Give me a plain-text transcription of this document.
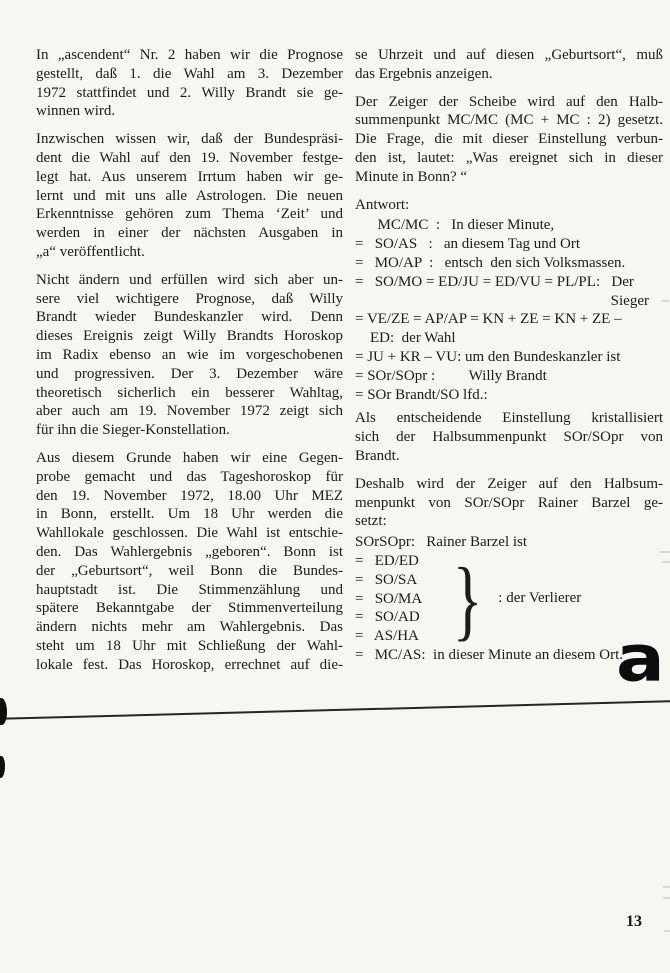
In „ascendent“ Nr. 2 haben wir die Prognose
gestellt, daß 1. die Wahl am 3. Dezember
1972 stattfindet und 2. Willy Brandt sie ge-
winnen wird.
Inzwischen wissen wir, daß der Bundespräsi-
dent die Wahl auf den 19. November festge-
legt hat. Aus unserem Irrtum haben wir ge-
lernt und mit uns alle Astrologen. Die neuen
Erkenntnisse gehören zum Thema ‘Zeit’ und
werden in einer der nächsten Ausgaben in
„a“ veröffentlicht.
Nicht ändern und erfüllen wird sich aber un-
sere viel wichtigere Prognose, daß Willy
Brandt wieder Bundeskanzler wird. Denn
dieses Ereignis zeigt Willy Brandts Horoskop
im Radix ebenso an wie im vorgeschobenen
und progressiven. Der 3. Dezember wäre
theoretisch sicherlich ein besserer Wahltag,
aber auch am 19. November 1972 zeigt sich
für ihn die Sieger-Konstellation.
Aus diesem Grunde haben wir eine Gegen-
probe gemacht und das Tageshoroskop für
den 19. November 1972, 18.00 Uhr MEZ
in Bonn, erstellt. Um 18 Uhr werden die
Wahllokale geschlossen. Die Wahl ist entschie-
den. Das Wahlergebnis „geboren“. Bonn ist
der „Geburtsort“, weil Bonn die Bundes-
hauptstadt ist. Die Stimmenzählung und
spätere Bekanntgabe der Stimmenverteilung
ändern nichts mehr am Wahlergebnis. Das
steht um 18 Uhr mit Schließung der Wahl-
lokale fest. Das Horoskop, errechnet auf die-
se Uhrzeit und auf diesen „Geburtsort“, muß
das Ergebnis anzeigen.
Der Zeiger der Scheibe wird auf den Halb-
summenpunkt MC/MC (MC + MC : 2) gesetzt.
Die Frage, die mit dieser Einstellung verbun-
den ist, lautet: „Was ereignet sich in dieser
Minute in Bonn? “
Antwort:
MC/MC  :   In dieser Minute,
=   SO/AS   :   an diesem Tag und Ort
=   MO/AP  :   entsch  den sich Volksmassen.
=   SO/MO = ED/JU = ED/VU = PL/PL:   Der
Sieger
= VE/ZE = AP/AP = KN + ZE = KN + ZE –
ED:  der Wahl
= JU + KR – VU: um den Bundeskanzler ist
= SOr/SOpr :         Willy Brandt
= SOr Brandt/SO lfd.:
Als entscheidende Einstellung kristallisiert
sich der Halbsummenpunkt SOr/SOpr von
Brandt.
Deshalb wird der Zeiger auf den Halbsum-
menpunkt von SOr/SOpr Rainer Barzel ge-
setzt:
SOrSOpr:   Rainer Barzel ist
=   ED/ED
=   SO/SA
=   SO/MA
=   SO/AD
=   AS/HA } : der Verlierer
=   MC/AS:  in dieser Minute an diesem Ort.
a
13
